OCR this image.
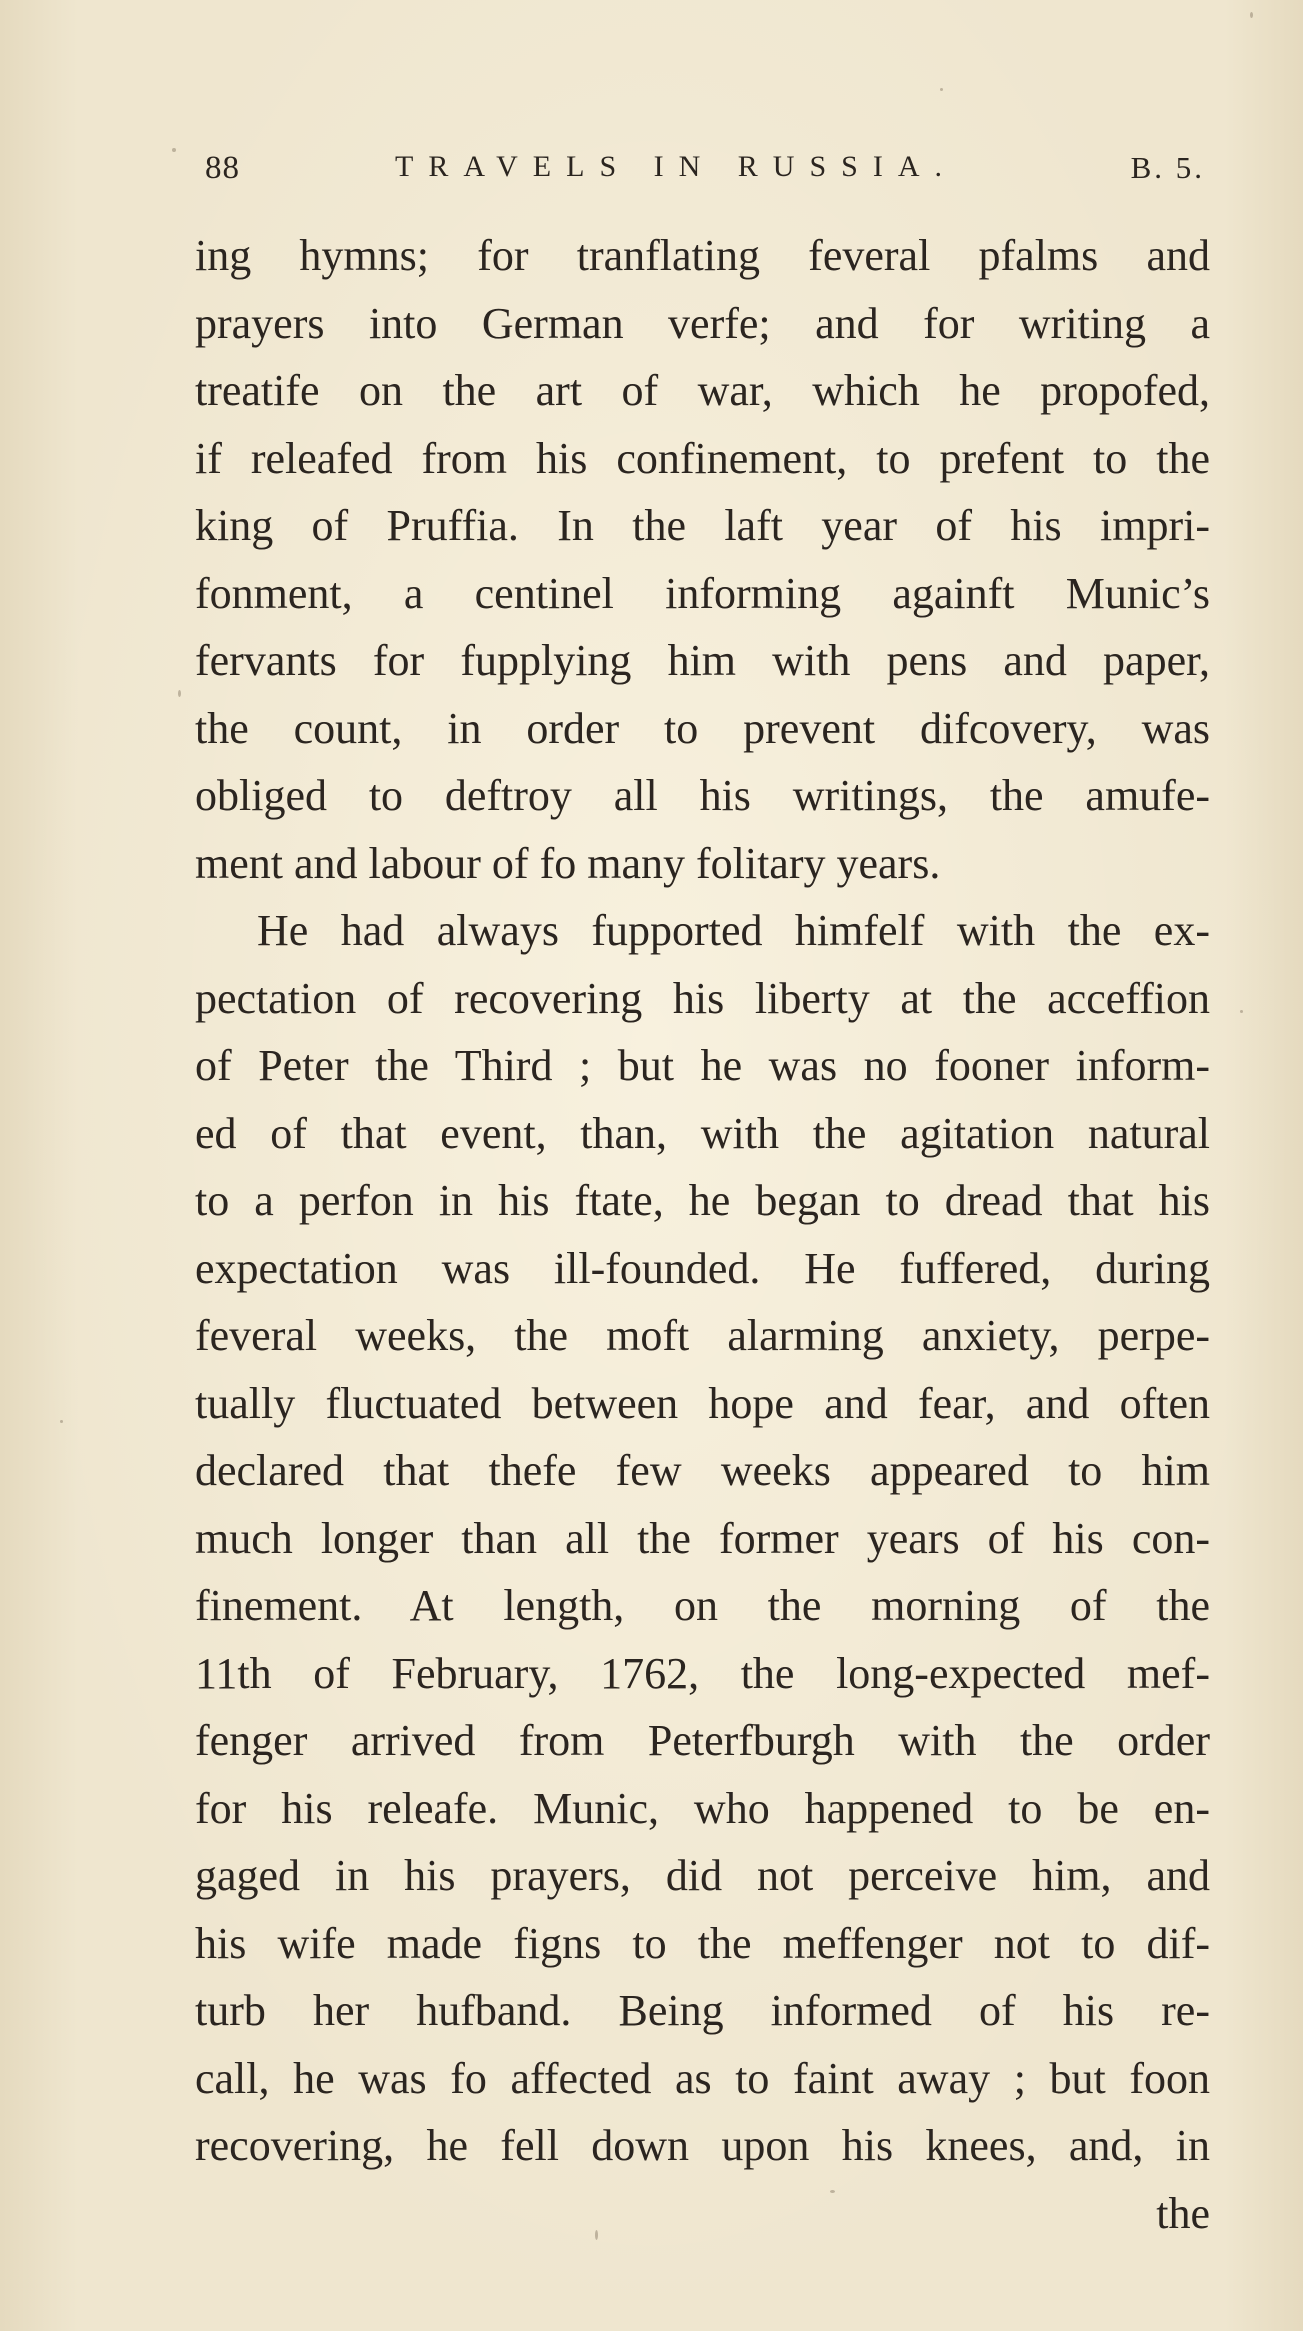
88	TRAVELS IN RUSSIA.	B. 5.
ing hymns; for tranflating feveral pfalms and
prayers into German verfe; and for writing a
treatife on the art of war, which he propofed,
if releafed from his confinement, to prefent to the
king of Pruffia. In the laft year of his impri-
fonment, a centinel informing againft Munic’s
fervants for fupplying him with pens and paper,
the count, in order to prevent difcovery, was
obliged to deftroy all his writings, the amufe-
ment and labour of fo many folitary years.
He had always fupported himfelf with the ex-
pectation of recovering his liberty at the acceffion
of Peter the Third ; but he was no fooner inform-
ed of that event, than, with the agitation natural
to a perfon in his ftate, he began to dread that his
expectation was ill-founded. He fuffered, during
feveral weeks, the moft alarming anxiety, perpe-
tually fluctuated between hope and fear, and often
declared that thefe few weeks appeared to him
much longer than all the former years of his con-
finement. At length, on the morning of the
11th of February, 1762, the long-expected mef-
fenger arrived from Peterfburgh with the order
for his releafe. Munic, who happened to be en-
gaged in his prayers, did not perceive him, and
his wife made figns to the meffenger not to dif-
turb her hufband. Being informed of his re-
call, he was fo affected as to faint away ; but foon
recovering, he fell down upon his knees, and, in
the
